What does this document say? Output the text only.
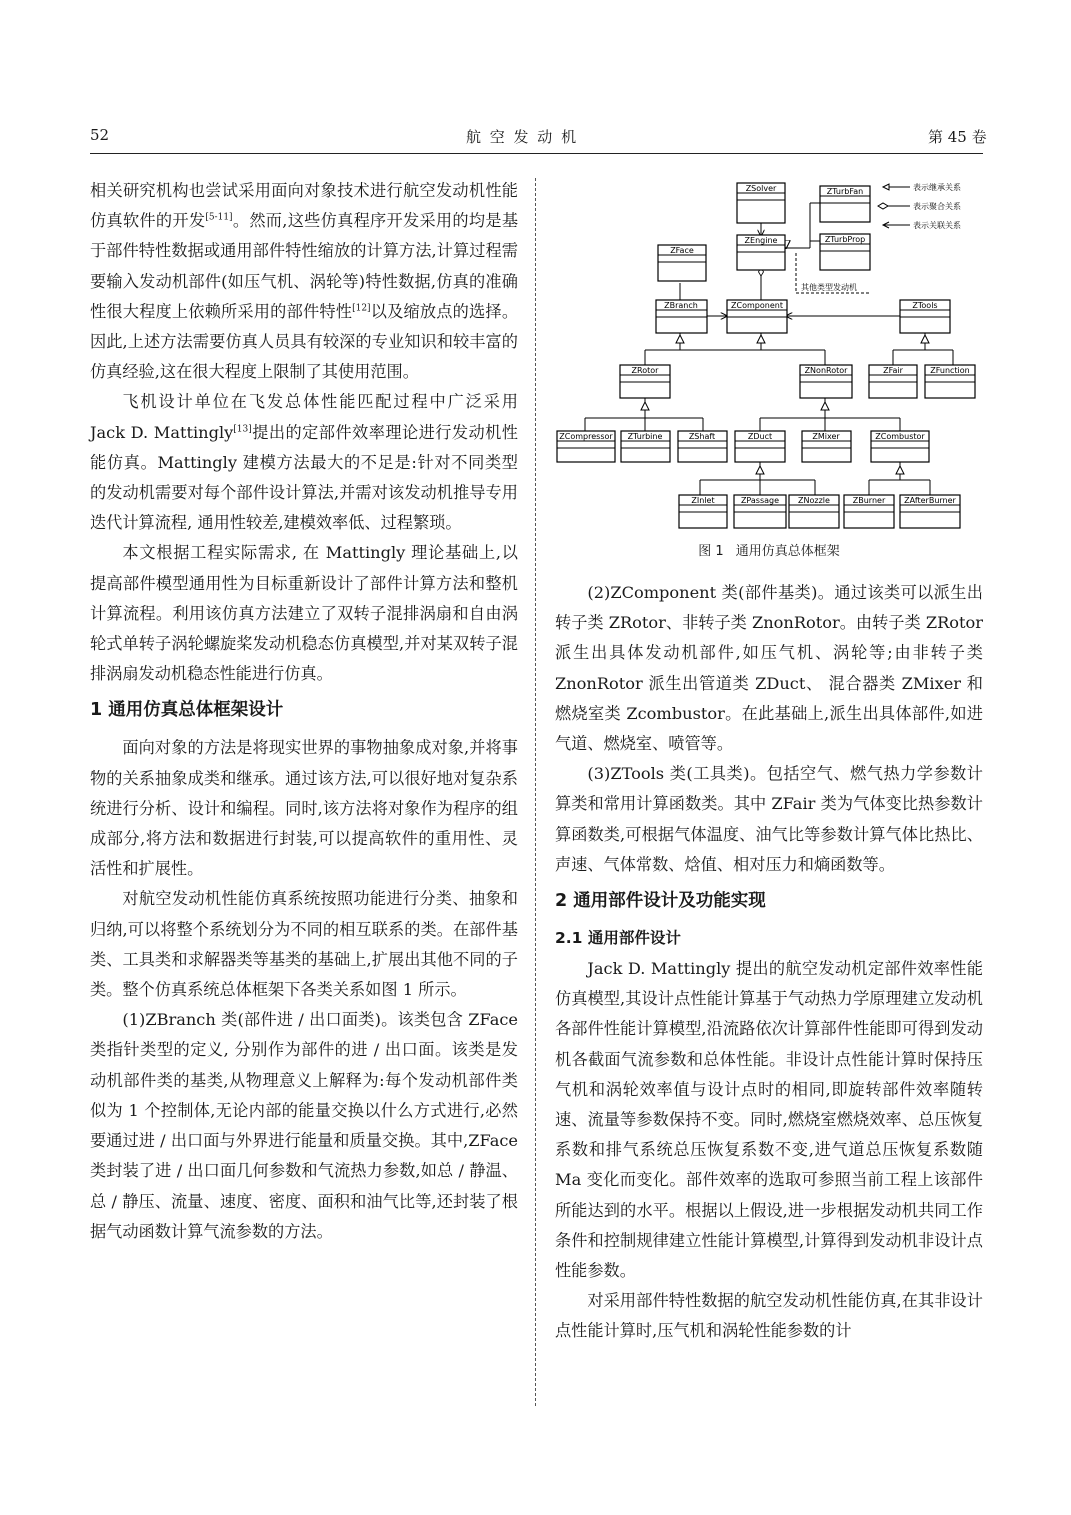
52	航 空 发 动 机	第 45 卷

相关研究机构也尝试采用面向对象技术进行航空发动机性能仿真软件的开发[5-11]。然而,这些仿真程序开发采用的均是基于部件特性数据或通用部件特性缩放的计算方法,计算过程需要输入发动机部件(如压气机、涡轮等)特性数据,仿真的准确性很大程度上依赖所采用的部件特性[12]以及缩放点的选择。因此,上述方法需要仿真人员具有较深的专业知识和较丰富的仿真经验,这在很大程度上限制了其使用范围。

飞机设计单位在飞发总体性能匹配过程中广泛采用 Jack D. Mattingly[13]提出的定部件效率理论进行发动机性能仿真。Mattingly 建模方法最大的不足是:针对不同类型的发动机需要对每个部件设计算法,并需对该发动机推导专用迭代计算流程, 通用性较差,建模效率低、过程繁琐。

本文根据工程实际需求, 在 Mattingly 理论基础上,以提高部件模型通用性为目标重新设计了部件计算方法和整机计算流程。利用该仿真方法建立了双转子混排涡扇和自由涡轮式单转子涡轮螺旋桨发动机稳态仿真模型,并对某双转子混排涡扇发动机稳态性能进行仿真。

1 通用仿真总体框架设计

面向对象的方法是将现实世界的事物抽象成对象,并将事物的关系抽象成类和继承。通过该方法,可以很好地对复杂系统进行分析、设计和编程。同时,该方法将对象作为程序的组成部分,将方法和数据进行封装,可以提高软件的重用性、灵活性和扩展性。

对航空发动机性能仿真系统按照功能进行分类、抽象和归纳,可以将整个系统划分为不同的相互联系的类。在部件基类、工具类和求解器类等基类的基础上,扩展出其他不同的子类。整个仿真系统总体框架下各类关系如图 1 所示。

(1)ZBranch 类(部件进 / 出口面类)。该类包含 ZFace 类指针类型的定义, 分别作为部件的进 / 出口面。该类是发动机部件类的基类,从物理意义上解释为:每个发动机部件类似为 1 个控制体,无论内部的能量交换以什么方式进行,必然要通过进 / 出口面与外界进行能量和质量交换。其中,ZFace 类封装了进 / 出口面几何参数和气流热力参数,如总 / 静温、总 / 静压、流量、速度、密度、面积和油气比等,还封装了根据气动函数计算气流参数的方法。

表示继承关系
表示聚合关系
表示关联关系
其他类型发动机
ZSolver	ZTurbFan
ZTurbProp
ZEngine
ZFace
ZBranch	ZComponent	ZTools
ZRotor	ZNonRotor	ZFair	ZFunction
ZCompressor ZTurbine	ZShaft	ZDuct	ZMixer	ZCombustor
ZInlet	ZPassage ZNozzle	ZBurner ZAfterBurner
图 1 通用仿真总体框架

(2)ZComponent 类(部件基类)。通过该类可以派生出转子类 ZRotor、非转子类 ZnonRotor。由转子类 ZRotor 派生出具体发动机部件,如压气机、涡轮等;由非转子类 ZnonRotor 派生出管道类 ZDuct、 混合器类 ZMixer 和燃烧室类 Zcombustor。在此基础上,派生出具体部件,如进气道、燃烧室、喷管等。

(3)ZTools 类(工具类)。包括空气、燃气热力学参数计算类和常用计算函数类。其中 ZFair 类为气体变比热参数计算函数类,可根据气体温度、油气比等参数计算气体比热比、声速、气体常数、焓值、相对压力和熵函数等。

2 通用部件设计及功能实现
2.1 通用部件设计

Jack D. Mattingly 提出的航空发动机定部件效率性能仿真模型,其设计点性能计算基于气动热力学原理建立发动机各部件性能计算模型,沿流路依次计算部件性能即可得到发动机各截面气流参数和总体性能。非设计点性能计算时保持压气机和涡轮效率值与设计点时的相同,即旋转部件效率随转速、流量等参数保持不变。同时,燃烧室燃烧效率、总压恢复系数和排气系统总压恢复系数不变,进气道总压恢复系数随 Ma 变化而变化。部件效率的选取可参照当前工程上该部件所能达到的水平。根据以上假设,进一步根据发动机共同工作条件和控制规律建立性能计算模型,计算得到发动机非设计点性能参数。

对采用部件特性数据的航空发动机性能仿真,在其非设计点性能计算时,压气机和涡轮性能参数的计
